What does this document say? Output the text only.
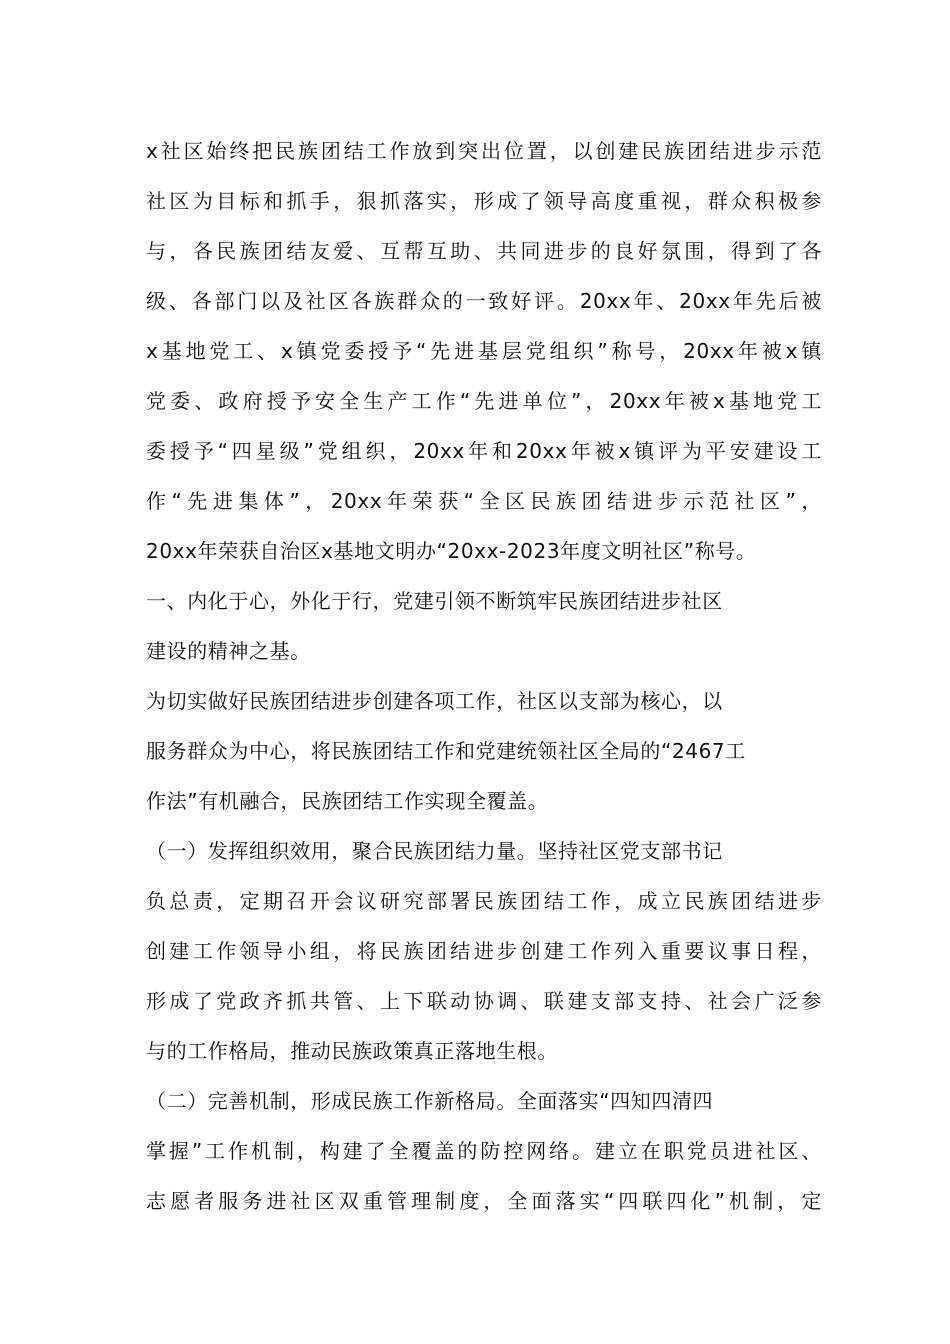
x社区始终把民族团结工作放到突出位置，以创建民族团结进步示范
社区为目标和抓手，狠抓落实，形成了领导高度重视，群众积极参
与，各民族团结友爱、互帮互助、共同进步的良好氛围，得到了各
级、各部门以及社区各族群众的一致好评。20xx年、20xx年先后被
x基地党工、x镇党委授予“先进基层党组织”称号，20xx年被x镇
党委、政府授予安全生产工作“先进单位”，20xx年被x基地党工
委授予“四星级”党组织，20xx年和20xx年被x镇评为平安建设工
作“先进集体”，20xx年荣获“全区民族团结进步示范社区”，
20xx年荣获自治区x基地文明办“20xx-2023年度文明社区”称号。
一、内化于心，外化于行，党建引领不断筑牢民族团结进步社区
建设的精神之基。
为切实做好民族团结进步创建各项工作，社区以支部为核心，以
服务群众为中心，将民族团结工作和党建统领社区全局的“2467工
作法”有机融合，民族团结工作实现全覆盖。
（一）发挥组织效用，聚合民族团结力量。坚持社区党支部书记
负总责，定期召开会议研究部署民族团结工作，成立民族团结进步
创建工作领导小组，将民族团结进步创建工作列入重要议事日程，
形成了党政齐抓共管、上下联动协调、联建支部支持、社会广泛参
与的工作格局，推动民族政策真正落地生根。
（二）完善机制，形成民族工作新格局。全面落实“四知四清四
掌握”工作机制，构建了全覆盖的防控网络。建立在职党员进社区、
志愿者服务进社区双重管理制度，全面落实“四联四化”机制，定
